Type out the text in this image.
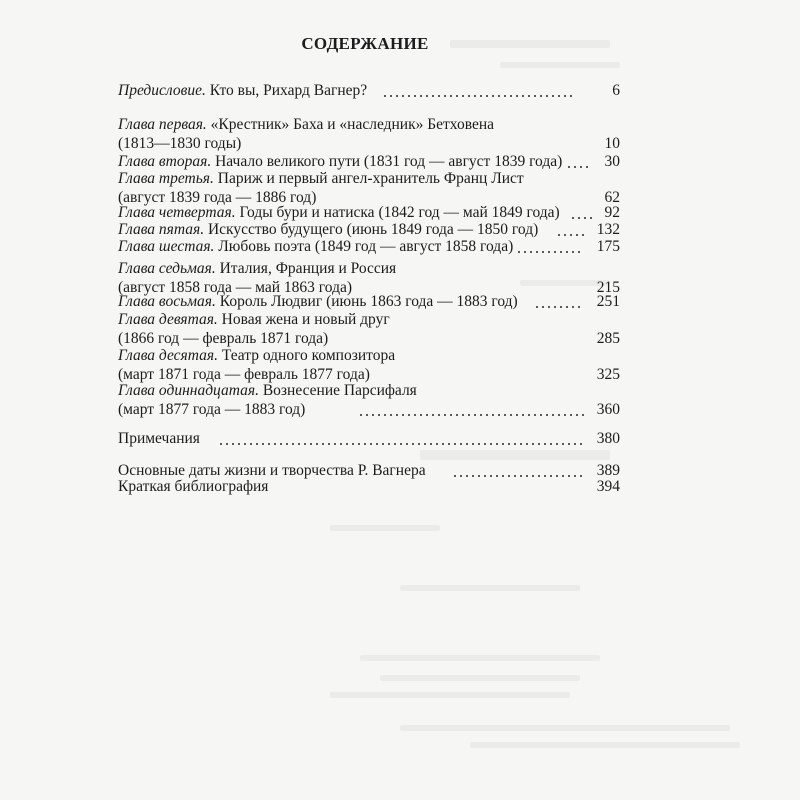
СОДЕРЖАНИЕ
Предисловие. Кто вы, Рихард Вагнер?	6
Глава первая. «Крестник» Баха и «наследник» Бетховена
(1813—1830 годы)	10
Глава вторая. Начало великого пути (1831 год — август 1839 года)	30
Глава третья. Париж и первый ангел-хранитель Франц Лист
(август 1839 года — 1886 год)	62
Глава четвертая. Годы бури и натиска (1842 год — май 1849 года)	92
Глава пятая. Искусство будущего (июнь 1849 года — 1850 год)	132
Глава шестая. Любовь поэта (1849 год — август 1858 года)	175
Глава седьмая. Италия, Франция и Россия
(август 1858 года — май 1863 года)	215
Глава восьмая. Король Людвиг (июнь 1863 года — 1883 год)	251
Глава девятая. Новая жена и новый друг
(1866 год — февраль 1871 года)	285
Глава десятая. Театр одного композитора
(март 1871 года — февраль 1877 года)	325
Глава одиннадцатая. Вознесение Парсифаля
(март 1877 года — 1883 год)	360
Примечания	380
Основные даты жизни и творчества Р. Вагнера	389
Краткая библиография	394
